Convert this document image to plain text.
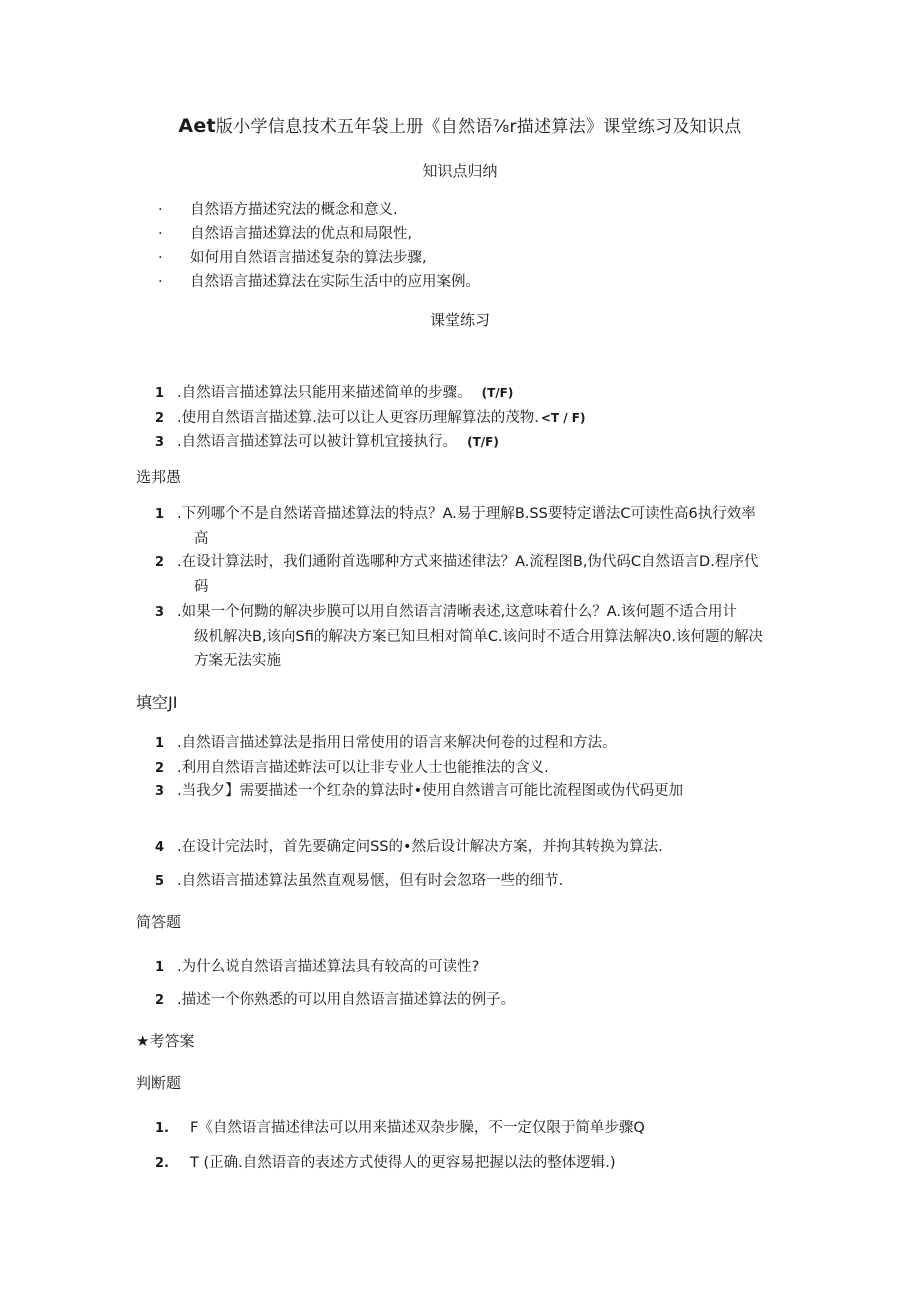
Aet版小学信息技术五年袋上册《自然语⅞r描述算法》课堂练习及知识点
知识点归纳
· 自然语方描述究法的概念和意义.
· 自然语言描述算法的优点和局限性,
· 如何用自然语言描述复杂的算法步骤,
· 自然语言描述算法在实际生活中的应用案例。
课堂练习
1 .自然语言描述算法只能用来描述简单的步骤。 (T/F)
2 .使用自然语言描述算.法可以让人更容历理解算法的茂物. <T / F)
3 .自然语言描述算法可以被计算机宜接执行。 (T/F)
选邦愚
1 .下列哪个不是自然诺音描述算法的特点？A.易于理解B.SS要特定谱法C可读性高6执行效率
高
2 .在设计算法时，我们通附首选哪种方式来描述律法？A.流程图B,伪代码C自然语言D.程序代
码
3 .如果一个何黝的解决步膜可以用自然语言清晰表述,这意味着什么？A.该何题不适合用计
级机解决B,该向Sfi的解决方案已知旦相对简单C.该问时不适合用算法解决0.该何题的解决
方案无法实施
填空JI
1 .自然语言描述算法是指用日常使用的语言来解决何卷的过程和方法。
2 .利用自然语言描述蚱法可以让非专业人士也能推法的含义.
3 .当我夕】需要描述一个红杂的算法时•使用自然谱言可能比流程图或伪代码更加
4 .在设计完法时，首先要确定问SS的•然后设计解决方案，并拘其转换为算法.
5 .自然语言描述算法虽然直观易惬，但有时会忽珞一些的细节.
简答题
1 .为什么说自然语言描述算法具有较高的可读性?
2 .描述一个你熟悉的可以用自然语言描述算法的例子。
★考答案
判断题
1. F《自然语言描述律法可以用来描述双杂步臊，不一定仅限于简单步骤Q
2. T (正确.自然语音的表述方式使得人的更容易把握以法的整体逻辑.)
